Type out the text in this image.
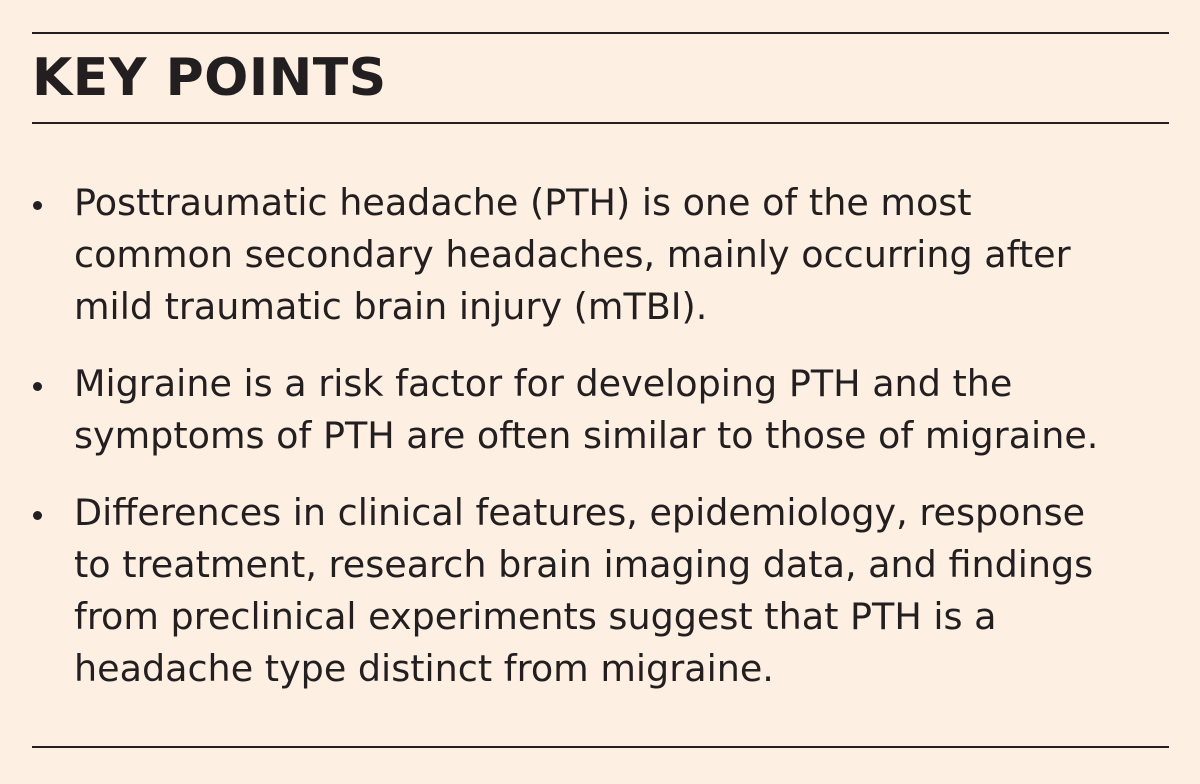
KEY POINTS
Posttraumatic headache (PTH) is one of the most
common secondary headaches, mainly occurring after
mild traumatic brain injury (mTBI).
Migraine is a risk factor for developing PTH and the
symptoms of PTH are often similar to those of migraine.
Differences in clinical features, epidemiology, response
to treatment, research brain imaging data, and findings
from preclinical experiments suggest that PTH is a
headache type distinct from migraine.
